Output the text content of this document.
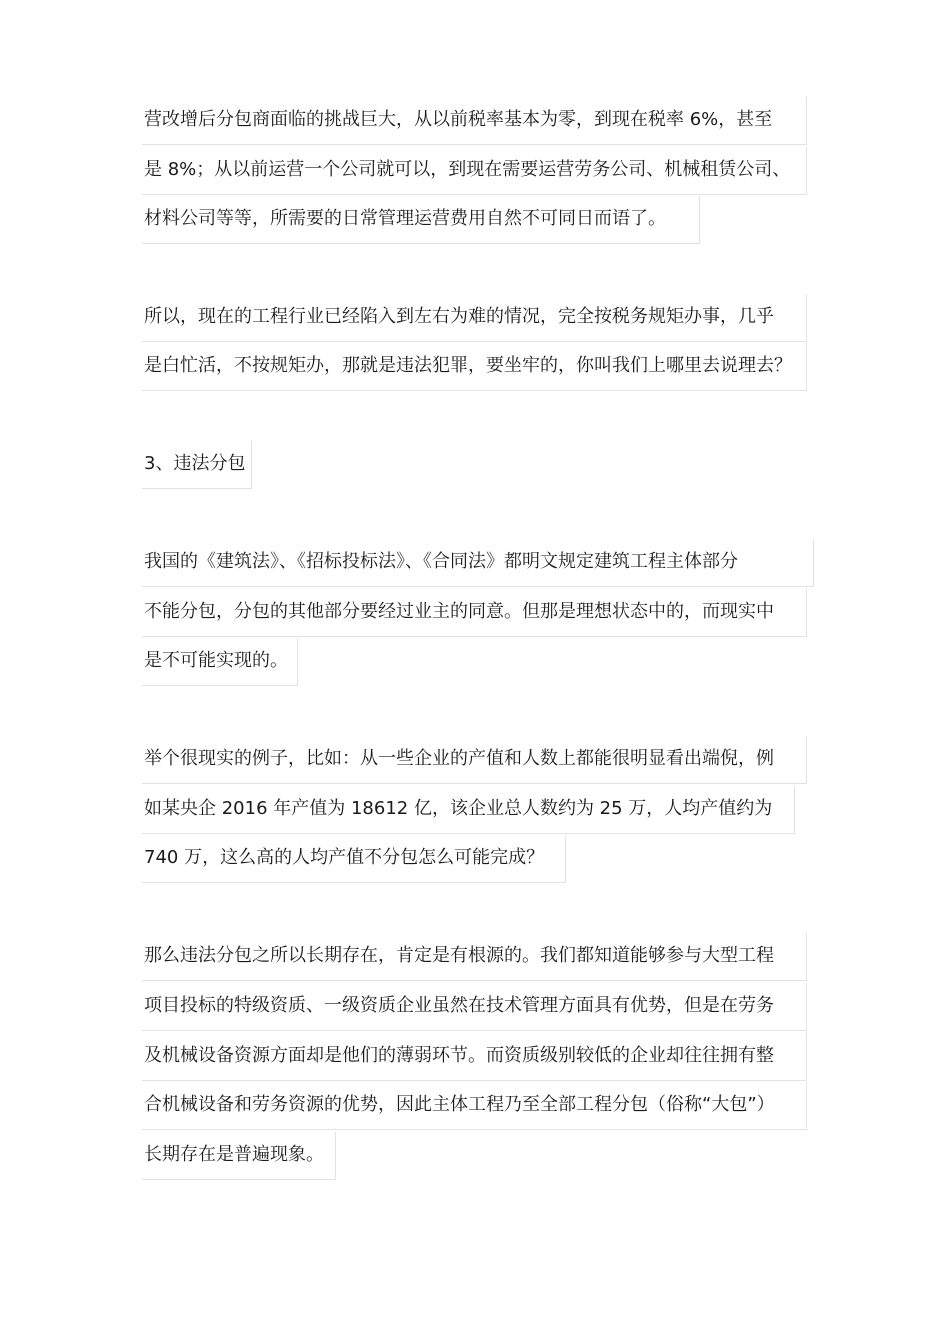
营改增后分包商面临的挑战巨大，从以前税率基本为零，到现在税率 6%，甚至
是 8%；从以前运营一个公司就可以，到现在需要运营劳务公司、机械租赁公司、
材料公司等等，所需要的日常管理运营费用自然不可同日而语了。
所以，现在的工程行业已经陷入到左右为难的情况，完全按税务规矩办事，几乎
是白忙活，不按规矩办，那就是违法犯罪，要坐牢的，你叫我们上哪里去说理去？
3、违法分包
我国的《建筑法》、《招标投标法》、《合同法》都明文规定建筑工程主体部分
不能分包，分包的其他部分要经过业主的同意。但那是理想状态中的，而现实中
是不可能实现的。
举个很现实的例子，比如：从一些企业的产值和人数上都能很明显看出端倪，例
如某央企 2016 年产值为 18612 亿，该企业总人数约为 25 万，人均产值约为
740 万，这么高的人均产值不分包怎么可能完成？
那么违法分包之所以长期存在，肯定是有根源的。我们都知道能够参与大型工程
项目投标的特级资质、一级资质企业虽然在技术管理方面具有优势，但是在劳务
及机械设备资源方面却是他们的薄弱环节。而资质级别较低的企业却往往拥有整
合机械设备和劳务资源的优势，因此主体工程乃至全部工程分包（俗称“大包”）
长期存在是普遍现象。
